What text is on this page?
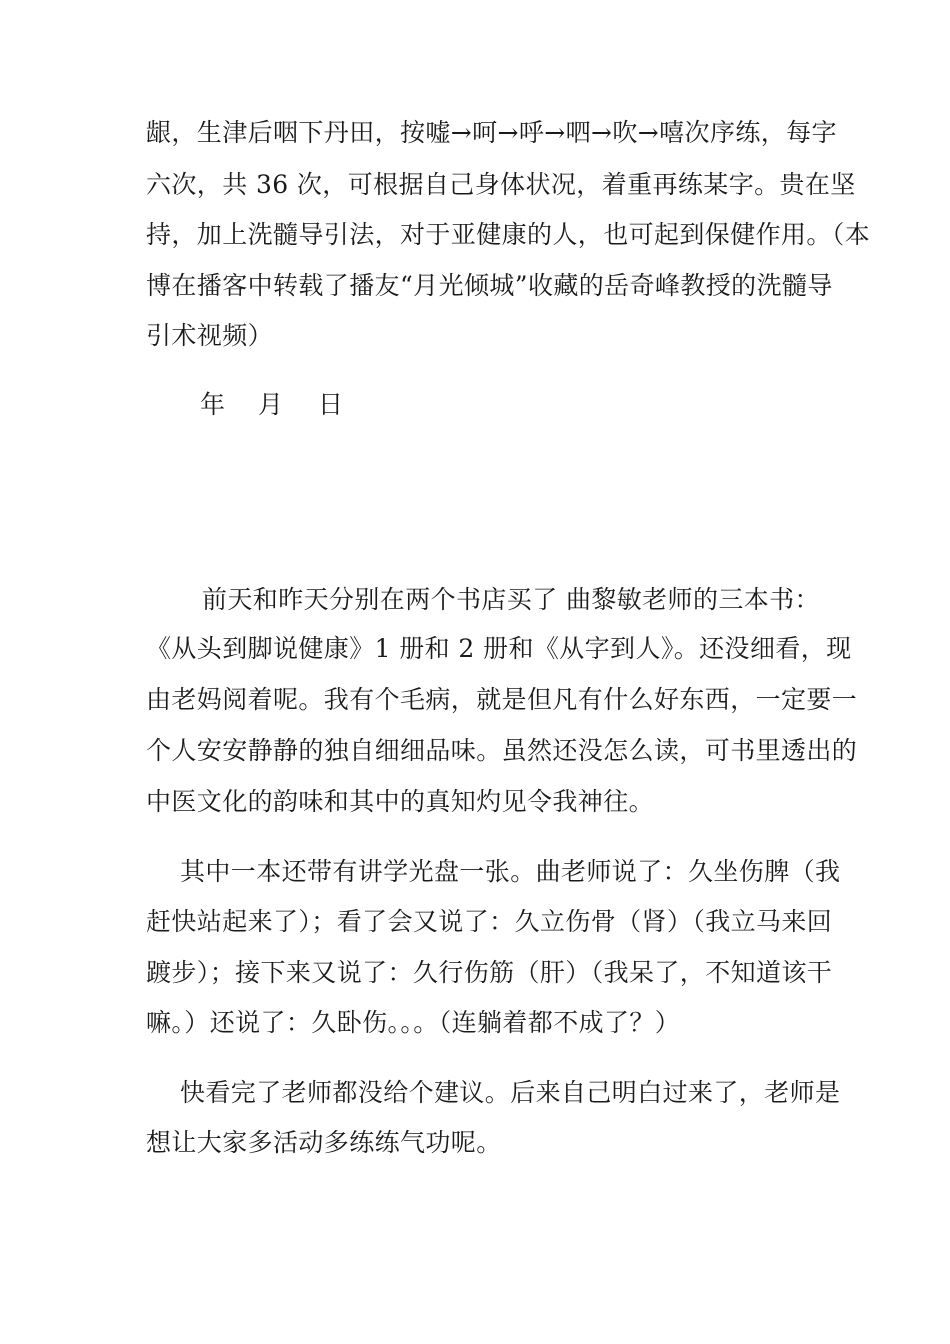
龈，生津后咽下丹田，按嘘→呵→呼→呬→吹→嘻次序练，每字
六次，共 36 次，可根据自己身体状况，着重再练某字。贵在坚
持，加上洗髓导引法，对于亚健康的人，也可起到保健作用。（本
博在播客中转载了播友“月光倾城”收藏的岳奇峰教授的洗髓导
引术视频）
年 月 日
前天和昨天分别在两个书店买了 曲黎敏老师的三本书：
《从头到脚说健康》1 册和 2 册和《从字到人》。还没细看，现
由老妈阅着呢。我有个毛病，就是但凡有什么好东西，一定要一
个人安安静静的独自细细品味。虽然还没怎么读，可书里透出的
中医文化的韵味和其中的真知灼见令我神往。
其中一本还带有讲学光盘一张。曲老师说了：久坐伤脾（我
赶快站起来了）；看了会又说了：久立伤骨（肾）（我立马来回
踱步）；接下来又说了：久行伤筋（肝）（我呆了，不知道该干
嘛。）还说了：久卧伤。。。（连躺着都不成了？）
快看完了老师都没给个建议。后来自己明白过来了，老师是
想让大家多活动多练练气功呢。
